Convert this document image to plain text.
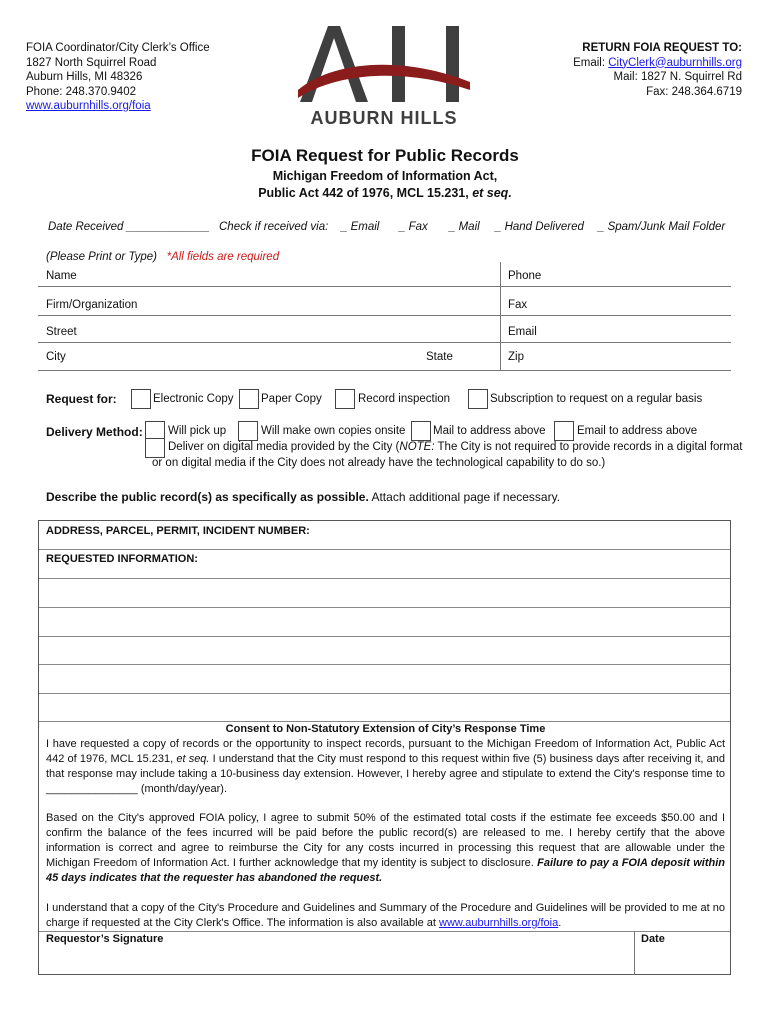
FOIA Coordinator/City Clerk’s Office
1827 North Squirrel Road
Auburn Hills, MI 48326
Phone: 248.370.9402
www.auburnhills.org/foia
AUBURN HILLS
RETURN FOIA REQUEST TO:
Email: CityClerk@auburnhills.org
Mail: 1827 N. Squirrel Rd
Fax: 248.364.6719
FOIA Request for Public Records
Michigan Freedom of Information Act,
Public Act 442 of 1976, MCL 15.231, et seq.
Date Received _____________ Check if received via: _ Email _ Fax _ Mail _ Hand Delivered _ Spam/Junk Mail Folder
(Please Print or Type) *All fields are required
Name	Phone
Firm/Organization	Fax
Street	Email
City	State	Zip
Request for:	Electronic Copy Paper Copy	Record inspection	Subscription to request on a regular basis
Delivery Method: Will pick up	Will make own copies onsite Mail to address above	Email to address above
Deliver on digital media provided by the City (NOTE: The City is not required to provide records in a digital format
or on digital media if the City does not already have the technological capability to do so.)
Describe the public record(s) as specifically as possible. Attach additional page if necessary.
ADDRESS, PARCEL, PERMIT, INCIDENT NUMBER:
REQUESTED INFORMATION:
Consent to Non-Statutory Extension of City’s Response Time
I have requested a copy of records or the opportunity to inspect records, pursuant to the Michigan Freedom of Information Act, Public Act 442 of 1976, MCL 15.231, et seq. I understand that the City must respond to this request within five (5) business days after receiving it, and that response may include taking a 10-business day extension. However, I hereby agree and stipulate to extend the City's response time to _______________ (month/day/year).
Based on the City's approved FOIA policy, I agree to submit 50% of the estimated total costs if the estimate fee exceeds $50.00 and I confirm the balance of the fees incurred will be paid before the public record(s) are released to me. I hereby certify that the above information is correct and agree to reimburse the City for any costs incurred in processing this request that are allowable under the Michigan Freedom of Information Act. I further acknowledge that my identity is subject to disclosure. Failure to pay a FOIA deposit within 45 days indicates that the requester has abandoned the request.
I understand that a copy of the City's Procedure and Guidelines and Summary of the Procedure and Guidelines will be provided to me at no charge if requested at the City Clerk's Office. The information is also available at www.auburnhills.org/foia.
Requestor’s Signature	Date
